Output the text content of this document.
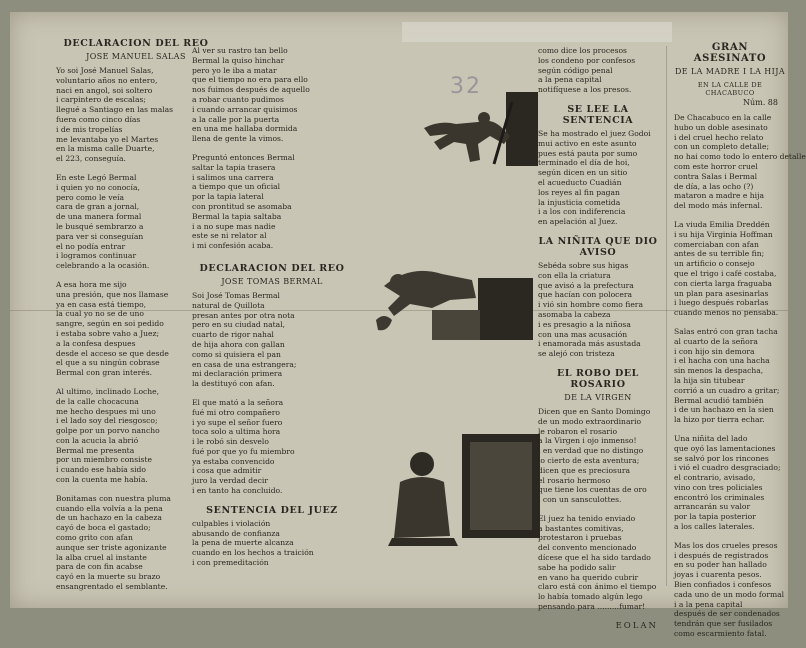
32
DECLARACION DEL REO
JOSE MANUEL SALAS
Yo soi José Manuel Salas,
voluntario años no entero,
naci en angol, soi soltero
i carpintero de escalas;
llegué a Santiago en las malas
fuera como cinco días
i de mis tropelías
me levantaba yo el Martes
en la misma calle Duarte,
el 223, conseguía.
En este Legó Bermal
i quien yo no conocía,
pero como le veía
cara de gran a jornal,
de una manera formal
le busqué sembrarzo a
para ver si conseguían
el no podía entrar
i logramos continuar
celebrando a la ocasión.
A esa hora me sijo
una presión, que nos llamase
ya en casa está tiempo,
la cual yo no se de uno
sangre, según en soi pedido
i estaba sobre vaho a Juez;
a la confesa despues
desde el acceso se que desde
el que a su ningún cobrase
Bermal con gran interés.
Al ultimo, inclinado Loche,
de la calle chocacuna
me hecho despues mi uno
i el lado soy del riesgosco;
golpe por un porvo nancho
con la acucia la abrió
Bermal me presenta
por un miembro consiste
i cuando ese había sido
con la cuenta me había.
Bonitamas con nuestra pluma
cuando ella volvía a la pena
de un hachazo en la cabeza
cayó de boca el gastado;
como grito con afan
aunque ser triste agonizante
la alba cruel al instante
para de con fin acabse
cayó en la muerte su brazo
ensangrentado el semblante.
Al ver su rastro tan bello
Bermal la quiso hinchar
pero yo le iba a matar
que el tiempo no era para ello
nos fuimos después de aquello
a robar cuanto pudimos
i cuando arrancar quisimos
a la calle por la puerta
en una me hallaba dormida
llena de gente la vimos.
Preguntó entonces Bermal
saltar la tapia trasera
i salimos una carrera
a tiempo que un oficial
por la tapia lateral
con prontitud se asomaba
Bermal la tapia saltaba
i a no supe mas nadie
este se ni relator al
i mi confesión acaba.
DECLARACION DEL REO
JOSE TOMAS BERMAL
Soi José Tomas Bermal
natural de Quillota
presan antes por otra nota
pero en su ciudad natal,
cuarto de rigor nahal
de hija ahora con gallan
como si quisiera el pan
en casa de una estrangera;
mi declaración primera
la destituyó con afan.
El que mató a la señora
fué mi otro compañero
i yo supe el señor fuero
toca solo a ultima hora
i le robó sin desvelo
fué por que yo fu miembro
ya estaba convencido
i cosa que admitir
juro la verdad decir
i en tanto ha concluido.
SENTENCIA DEL JUEZ
culpables i violación
abusando de confianza
la pena de muerte alcanza
cuando en los hechos a traición
i con premeditación
como dice los procesos
los condeno por confesos
según código penal
a la pena capital
notifíquese a los presos.
SE LEE LA SENTENCIA
Se ha mostrado el juez Godoi
mui activo en este asunto
pues está pauta por sumo
terminado el día de hoi,
según dicen en un sitio
el acueducto Cuadián
los reyes al fin pagan
la injusticia cometida
i a los con indiferencia
en apelación al Juez.
LA NIÑITA QUE DIO AVISO
Sebéda sobre sus higas
con ella la criatura
que avisó a la prefectura
que hacían con polocera
i vió sin hombre como fiera
asomaba la cabeza
i es presagio a la niñosa
con una mas acusación
i enamorada más asustada
se alejó con tristeza
EL ROBO DEL ROSARIO
DE LA VIRGEN
Dicen que en Santo Domingo
de un modo extraordinario
le robaron el rosario
a la Virgen i ojo inmenso!
i en verdad que no distingo
lo cierto de esta aventura;
dicen que es preciosura
el rosario hermoso
que tiene los cuentas de oro
i con un sansculottes.
El juez ha tenido enviado
a bastantes comitivas,
protestaron i pruebas
del convento mencionado
dícese que el ha sido tardado
sabe ha podido salir
en vano ha querido cubrir
claro está con ánimo el tiempo
lo había tomado algún lego
pensando para .........fumar!
EOLAN
GRAN ASESINATO
DE LA MADRE I LA HIJA
EN LA CALLE DE CHACABUCO
Núm. 88
De Chacabuco en la calle
hubo un doble asesinato
i del cruel hecho relato
con un completo detalle;
no hai como todo lo entero detalle
com este horror cruel
contra Salas i Bermal
de día, a las ocho (?)
mataron a madre e hija
del modo más infernal.
La viuda Emilia Dreddén
i su hija Virginia Hoffman
comerciaban con afan
antes de su terrible fin;
un artificio o consejo
que el trigo i café costaba,
con cierta larga fraguaba
un plan para asesinarlas
i luego después robarlas
cuando menos no pensaba.
Salas entró con gran tacha
al cuarto de la señora
i con hijo sin demora
i el hacha con una hacha
sin menos la despacha,
la hija sin titubear
corrió a un cuadro a gritar;
Bermal acudió también
i de un hachazo en la sien
la hizo por tierra echar.
Una niñita del lado
que oyó las lamentaciones
se salvó por los rincones
i vió el cuadro desgraciado;
el contrario, avisado,
vino con tres policiales
encontró los criminales
arrancarán su valor
por la tapia posterior
a los calles laterales.
Mas los dos crueles presos
i después de registrados
en su poder han hallado
joyas i cuarenta pesos.
Bien confiados i confesos
cada uno de un modo formal
i a la pena capital
después de ser condenados
tendrán que ser fusilados
como escarmiento fatal.
